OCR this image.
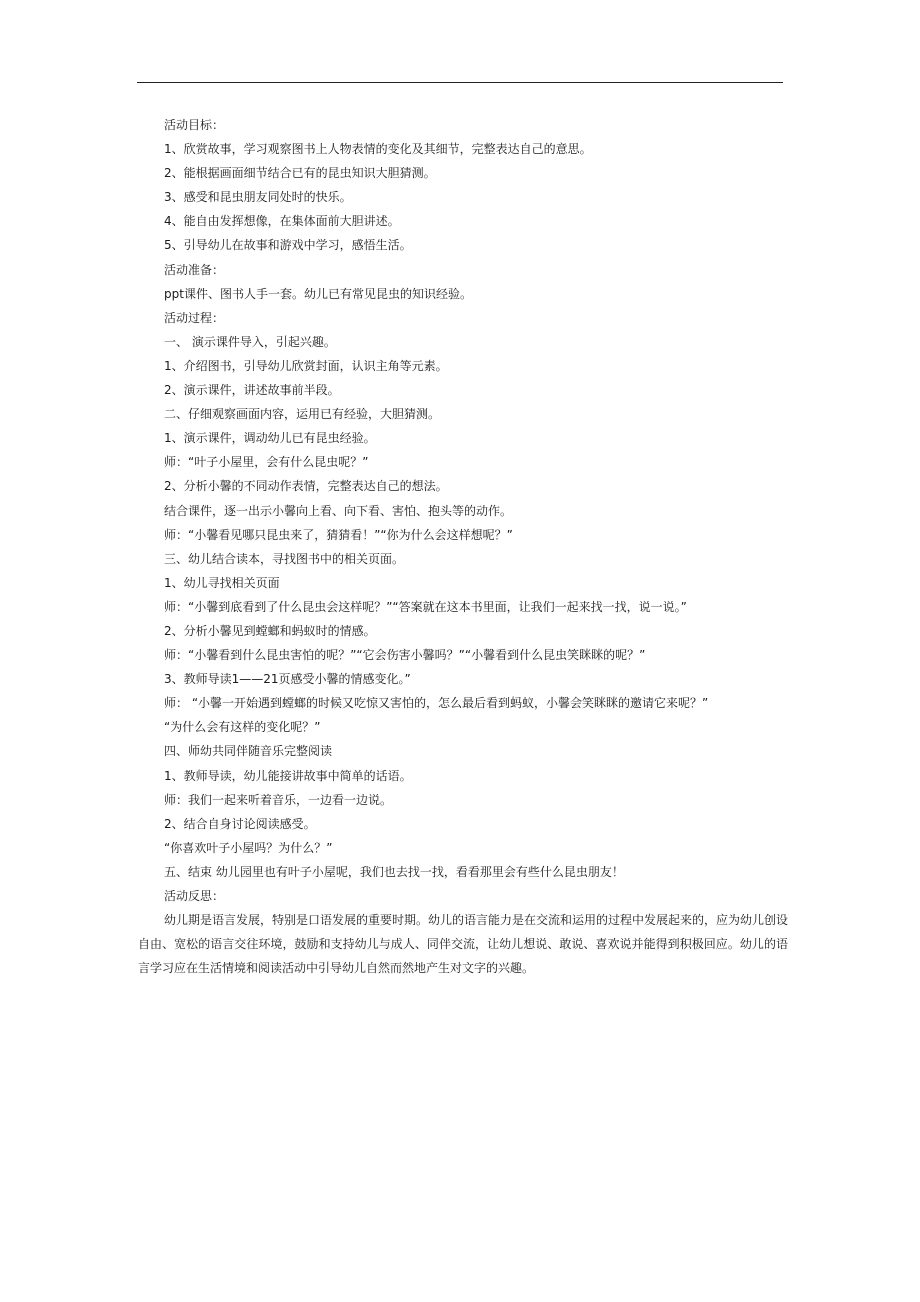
活动目标：
1、欣赏故事，学习观察图书上人物表情的变化及其细节，完整表达自己的意思。
2、能根据画面细节结合已有的昆虫知识大胆猜测。
3、感受和昆虫朋友同处时的快乐。
4、能自由发挥想像，在集体面前大胆讲述。
5、引导幼儿在故事和游戏中学习，感悟生活。
活动准备：
ppt课件、图书人手一套。幼儿已有常见昆虫的知识经验。
活动过程：
一、 演示课件导入，引起兴趣。
1、介绍图书，引导幼儿欣赏封面，认识主角等元素。
2、演示课件，讲述故事前半段。
二、仔细观察画面内容，运用已有经验，大胆猜测。
1、演示课件，调动幼儿已有昆虫经验。
师：“叶子小屋里，会有什么昆虫呢？”
2、分析小馨的不同动作表情，完整表达自己的想法。
结合课件，逐一出示小馨向上看、向下看、害怕、抱头等的动作。
师：“小馨看见哪只昆虫来了，猜猜看！”“你为什么会这样想呢？”
三、幼儿结合读本，寻找图书中的相关页面。
1、幼儿寻找相关页面
师：“小馨到底看到了什么昆虫会这样呢？”“答案就在这本书里面，让我们一起来找一找，说一说。”
2、分析小馨见到螳螂和蚂蚁时的情感。
师：“小馨看到什么昆虫害怕的呢？”“它会伤害小馨吗？”“小馨看到什么昆虫笑眯眯的呢？”
3、教师导读1——21页感受小馨的情感变化。”
师： “小馨一开始遇到螳螂的时候又吃惊又害怕的，怎么最后看到蚂蚁，小馨会笑眯眯的邀请它来呢？”
“为什么会有这样的变化呢？”
四、师幼共同伴随音乐完整阅读
1、教师导读，幼儿能接讲故事中简单的话语。
师：我们一起来听着音乐，一边看一边说。
2、结合自身讨论阅读感受。
“你喜欢叶子小屋吗？为什么？”
五、结束 幼儿园里也有叶子小屋呢，我们也去找一找，看看那里会有些什么昆虫朋友！
活动反思：

幼儿期是语言发展，特别是口语发展的重要时期。幼儿的语言能力是在交流和运用的过程中发展起来的，应为幼儿创设自由、宽松的语言交往环境，鼓励和支持幼儿与成人、同伴交流，让幼儿想说、敢说、喜欢说并能得到积极回应。幼儿的语言学习应在生活情境和阅读活动中引导幼儿自然而然地产生对文字的兴趣。
